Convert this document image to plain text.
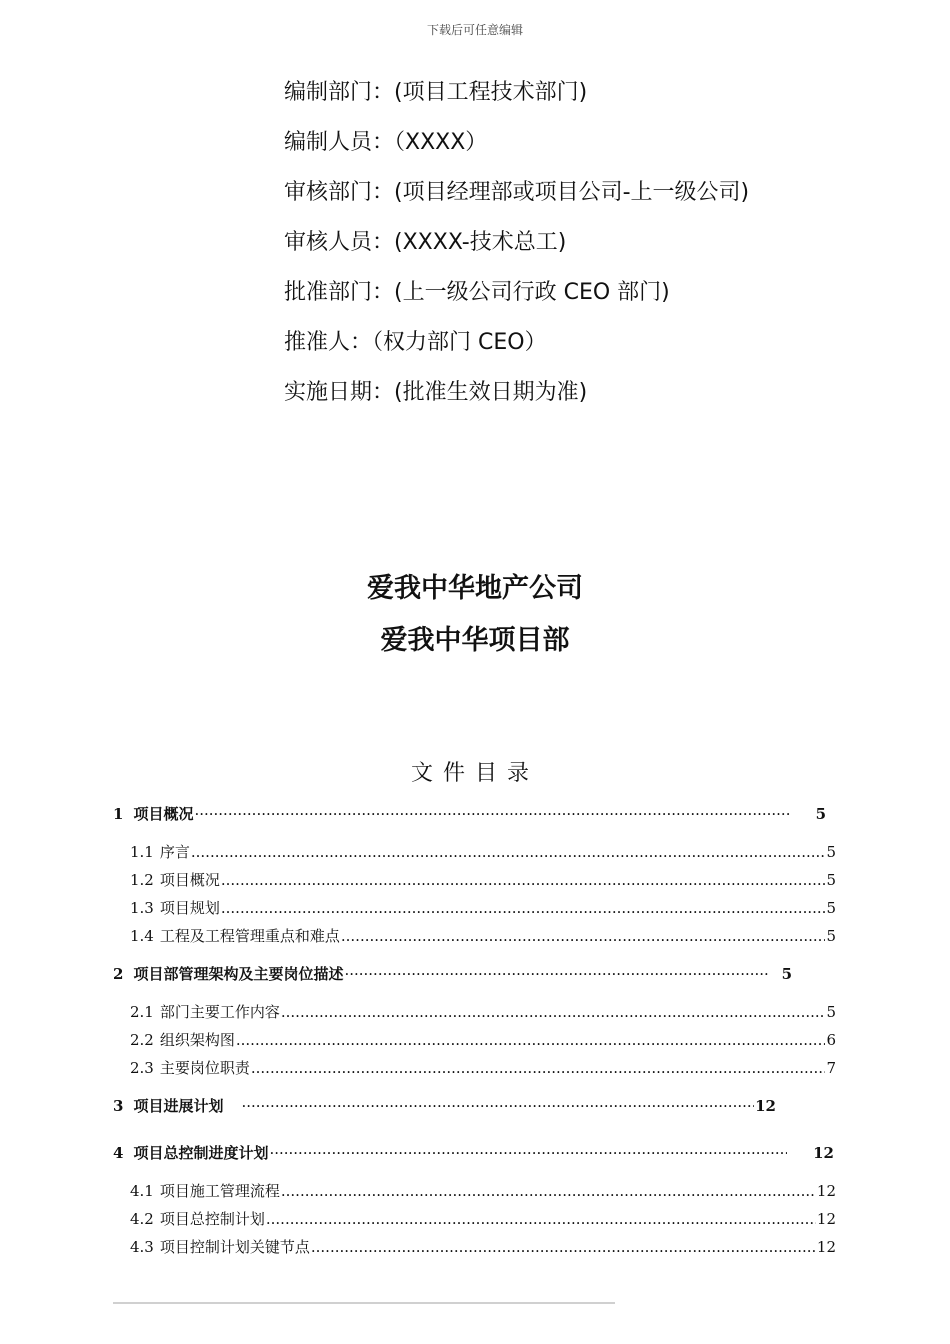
下载后可任意编辑
编制部门：(项目工程技术部门)
编制人员：（XXXX）
审核部门：(项目经理部或项目公司-上一级公司)
审核人员：(XXXX-技术总工)
批准部门：(上一级公司行政 CEO 部门)
推准人：（权力部门 CEO）
实施日期：(批准生效日期为准)
爱我中华地产公司
爱我中华项目部
文件目录
1 项目概况 ·····	5
1.1 序言 .....	5
1.2 项目概况 .....	5
1.3 项目规划 .....	5
1.4 工程及工程管理重点和难点 .....	5
2 项目部管理架构及主要岗位描述 ·····	5
2.1 部门主要工作内容 .....	5
2.2 组织架构图 .....	6
2.3 主要岗位职责 .....	7
3 项目进展计划 ·····	12
4 项目总控制进度计划 ·····	12
4.1 项目施工管理流程 .....	12
4.2 项目总控制计划 .....	12
4.3 项目控制计划关键节点 .....	12
